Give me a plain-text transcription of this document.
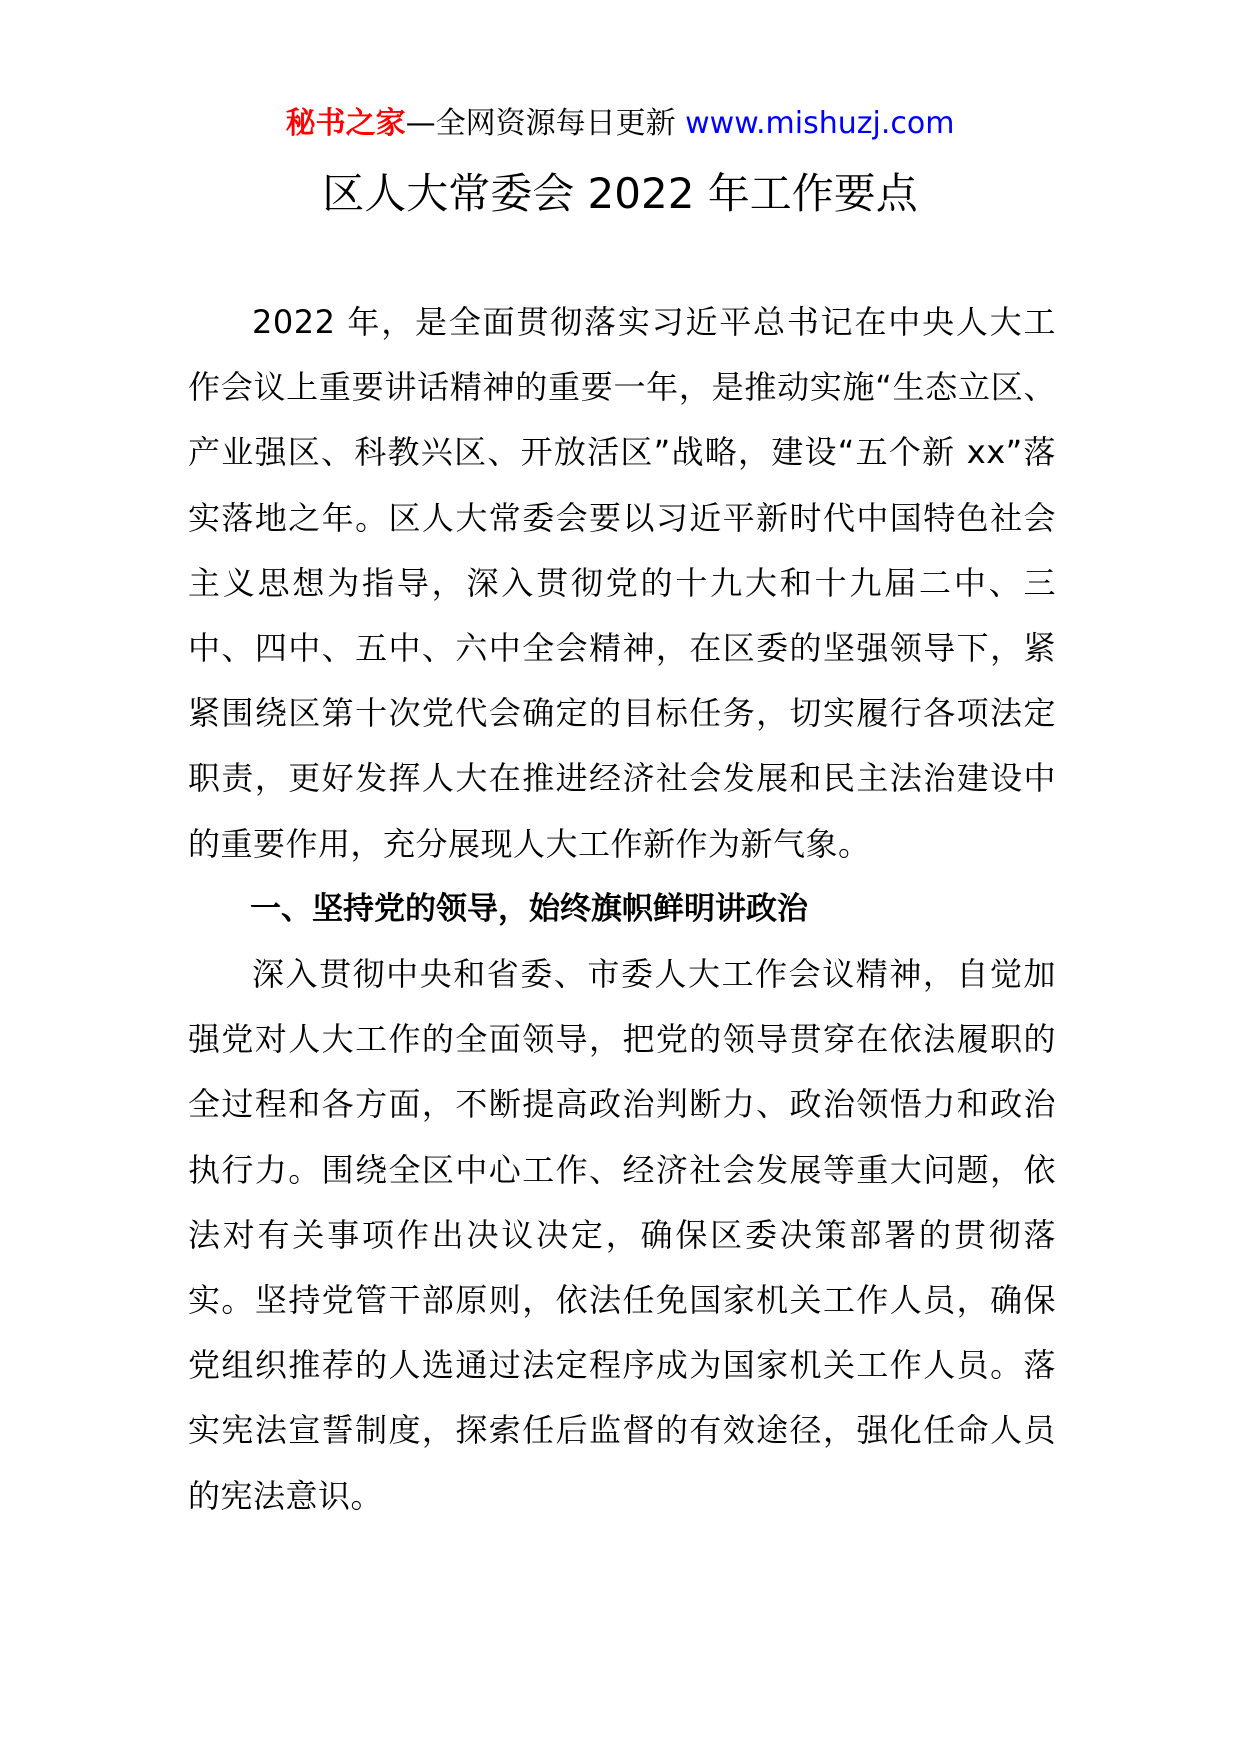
秘书之家—全网资源每日更新 www.mishuzj.com
区人大常委会 2022 年工作要点

2022 年，是全面贯彻落实习近平总书记在中央人大工作会议上重要讲话精神的重要一年，是推动实施“生态立区、产业强区、科教兴区、开放活区”战略，建设“五个新 xx”落实落地之年。区人大常委会要以习近平新时代中国特色社会主义思想为指导，深入贯彻党的十九大和十九届二中、三中、四中、五中、六中全会精神，在区委的坚强领导下，紧紧围绕区第十次党代会确定的目标任务，切实履行各项法定职责，更好发挥人大在推进经济社会发展和民主法治建设中的重要作用，充分展现人大工作新作为新气象。

一、坚持党的领导，始终旗帜鲜明讲政治

深入贯彻中央和省委、市委人大工作会议精神，自觉加强党对人大工作的全面领导，把党的领导贯穿在依法履职的全过程和各方面，不断提高政治判断力、政治领悟力和政治执行力。围绕全区中心工作、经济社会发展等重大问题，依法对有关事项作出决议决定，确保区委决策部署的贯彻落实。坚持党管干部原则，依法任免国家机关工作人员，确保党组织推荐的人选通过法定程序成为国家机关工作人员。落实宪法宣誓制度，探索任后监督的有效途径，强化任命人员的宪法意识。
